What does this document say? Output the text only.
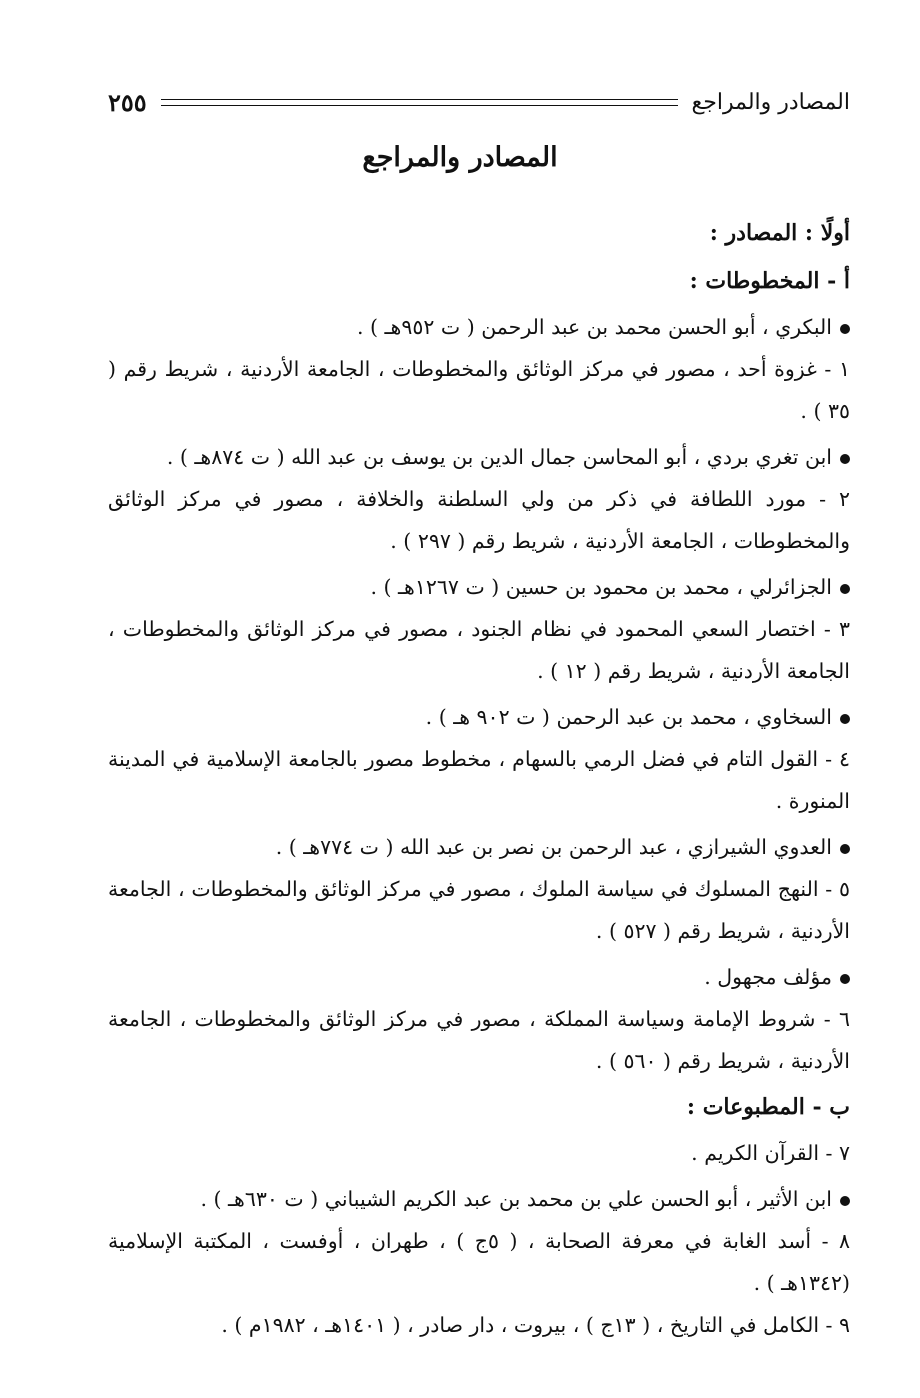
المصادر والمراجع
٢٥٥
المصادر والمراجع
أولًا : المصادر :
أ - المخطوطات :

البكري ، أبو الحسن محمد بن عبد الرحمن ( ت ٩٥٢هـ ) .

١ - غزوة أحد ، مصور في مركز الوثائق والمخطوطات ، الجامعة الأردنية ، شريط رقم ( ٣٥ ) .

ابن تغري بردي ، أبو المحاسن جمال الدين بن يوسف بن عبد الله ( ت ٨٧٤هـ ) .

٢ - مورد اللطافة في ذكر من ولي السلطنة والخلافة ، مصور في مركز الوثائق والمخطوطات ، الجامعة الأردنية ، شريط رقم ( ٢٩٧ ) .

الجزائرلي ، محمد بن محمود بن حسين ( ت ١٢٦٧هـ ) .

٣ - اختصار السعي المحمود في نظام الجنود ، مصور في مركز الوثائق والمخطوطات ، الجامعة الأردنية ، شريط رقم ( ١٢ ) .

السخاوي ، محمد بن عبد الرحمن ( ت ٩٠٢ هـ ) .

٤ - القول التام في فضل الرمي بالسهام ، مخطوط مصور بالجامعة الإسلامية في المدينة المنورة .

العدوي الشيرازي ، عبد الرحمن بن نصر بن عبد الله ( ت ٧٧٤هـ ) .

٥ - النهج المسلوك في سياسة الملوك ، مصور في مركز الوثائق والمخطوطات ، الجامعة الأردنية ، شريط رقم ( ٥٢٧ ) .

مؤلف مجهول .

٦ - شروط الإمامة وسياسة المملكة ، مصور في مركز الوثائق والمخطوطات ، الجامعة الأردنية ، شريط رقم ( ٥٦٠ ) .

ب - المطبوعات :

٧ - القرآن الكريم .

ابن الأثير ، أبو الحسن علي بن محمد بن عبد الكريم الشيباني ( ت ٦٣٠هـ ) .

٨ - أسد الغابة في معرفة الصحابة ، ( ٥ج ) ، طهران ، أوفست ، المكتبة الإسلامية (١٣٤٢هـ ) .

٩ - الكامل في التاريخ ، ( ١٣ج ) ، بيروت ، دار صادر ، ( ١٤٠١هـ ، ١٩٨٢م ) .
